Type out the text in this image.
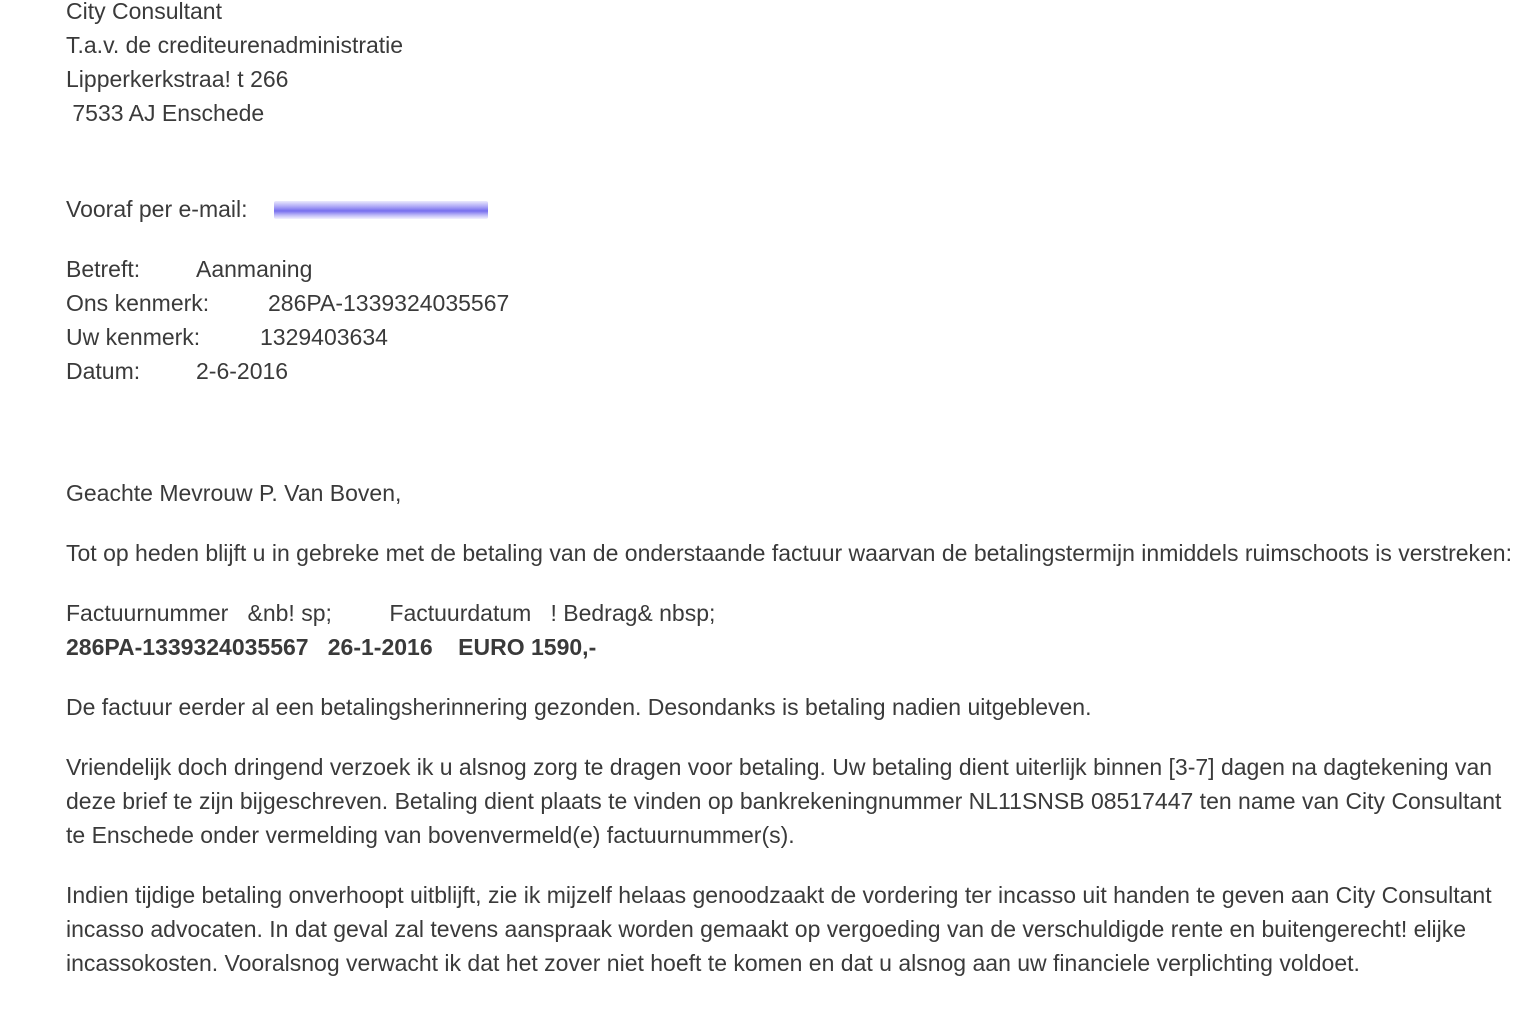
City Consultant
T.a.v. de crediteurenadministratie
Lipperkerkstraa! t 266
7533 AJ Enschede
Vooraf per e-mail:
Betreft:	Aanmaning
Ons kenmerk:	286PA-1339324035567
Uw kenmerk:	1329403634
Datum:	2-6-2016
Geachte Mevrouw P. Van Boven,

Tot op heden blijft u in gebreke met de betaling van de onderstaande factuur waarvan de betalingstermijn inmiddels ruimschoots is verstreken:

Factuurnummer   &nb! sp;         Factuurdatum   ! Bedrag& nbsp;
286PA-1339324035567 26-1-2016 EURO 1590,-

De factuur eerder al een betalingsherinnering gezonden. Desondanks is betaling nadien uitgebleven.

Vriendelijk doch dringend verzoek ik u alsnog zorg te dragen voor betaling. Uw betaling dient uiterlijk binnen [3-7] dagen na dagtekening van deze brief te zijn bijgeschreven. Betaling dient plaats te vinden op bankrekeningnummer NL11SNSB 08517447 ten name van City Consultant te Enschede onder vermelding van bovenvermeld(e) factuurnummer(s).

Indien tijdige betaling onverhoopt uitblijft, zie ik mijzelf helaas genoodzaakt de vordering ter incasso uit handen te geven aan City Consultant incasso advocaten. In dat geval zal tevens aanspraak worden gemaakt op vergoeding van de verschuldigde rente en buitengerecht! elijke incassokosten. Vooralsnog verwacht ik dat het zover niet hoeft te komen en dat u alsnog aan uw financiele verplichting voldoet.
